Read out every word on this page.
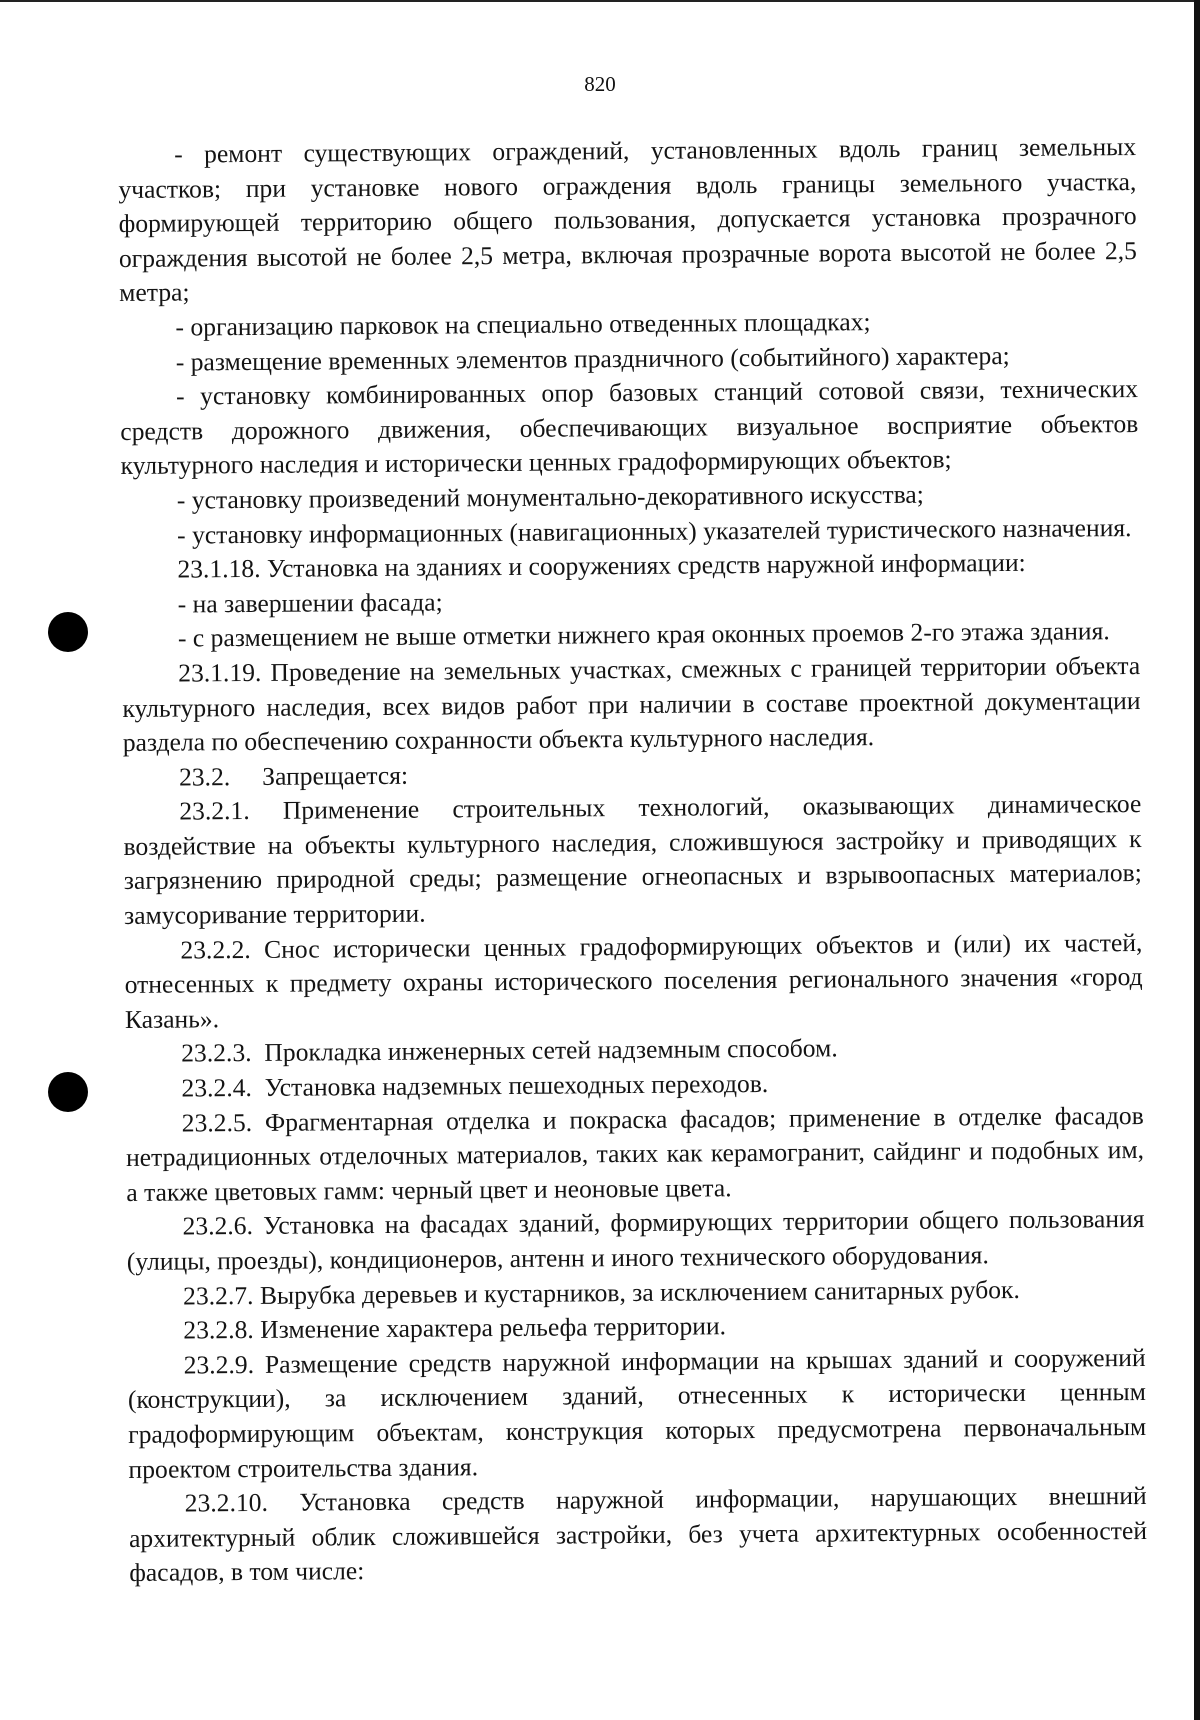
820

- ремонт существующих ограждений, установленных вдоль границ земельных участков; при установке нового ограждения вдоль границы земельного участка, формирующей территорию общего пользования, допускается установка прозрачного ограждения высотой не более 2,5 метра, включая прозрачные ворота высотой не более 2,5 метра;

- организацию парковок на специально отведенных площадках;

- размещение временных элементов праздничного (событийного) характера;

- установку комбинированных опор базовых станций сотовой связи, технических средств дорожного движения, обеспечивающих визуальное восприятие объектов культурного наследия и исторически ценных градоформирующих объектов;

- установку произведений монументально-декоративного искусства;

- установку информационных (навигационных) указателей туристического назначения.

23.1.18. Установка на зданиях и сооружениях средств наружной информации:

- на завершении фасада;

- с размещением не выше отметки нижнего края оконных проемов 2-го этажа здания.

23.1.19. Проведение на земельных участках, смежных с границей территории объекта культурного наследия, всех видов работ при наличии в составе проектной документации раздела по обеспечению сохранности объекта культурного наследия.

23.2.     Запрещается:

23.2.1. Применение строительных технологий, оказывающих динамическое воздействие на объекты культурного наследия, сложившуюся застройку и приводящих к загрязнению природной среды; размещение огнеопасных и взрывоопасных материалов; замусоривание территории.

23.2.2. Снос исторически ценных градоформирующих объектов и (или) их частей, отнесенных к предмету охраны исторического поселения регионального значения «город Казань».

23.2.3.  Прокладка инженерных сетей надземным способом.

23.2.4.  Установка надземных пешеходных переходов.

23.2.5. Фрагментарная отделка и покраска фасадов; применение в отделке фасадов нетрадиционных отделочных материалов, таких как керамогранит, сайдинг и подобных им, а также цветовых гамм: черный цвет и неоновые цвета.

23.2.6. Установка на фасадах зданий, формирующих территории общего пользования (улицы, проезды), кондиционеров, антенн и иного технического оборудования.

23.2.7. Вырубка деревьев и кустарников, за исключением санитарных рубок.

23.2.8. Изменение характера рельефа территории.

23.2.9. Размещение средств наружной информации на крышах зданий и сооружений (конструкции), за исключением зданий, отнесенных к исторически ценным градоформирующим объектам, конструкция которых предусмотрена первоначальным проектом строительства здания.

23.2.10. Установка средств наружной информации, нарушающих внешний архитектурный облик сложившейся застройки, без учета архитектурных особенностей фасадов, в том числе:
